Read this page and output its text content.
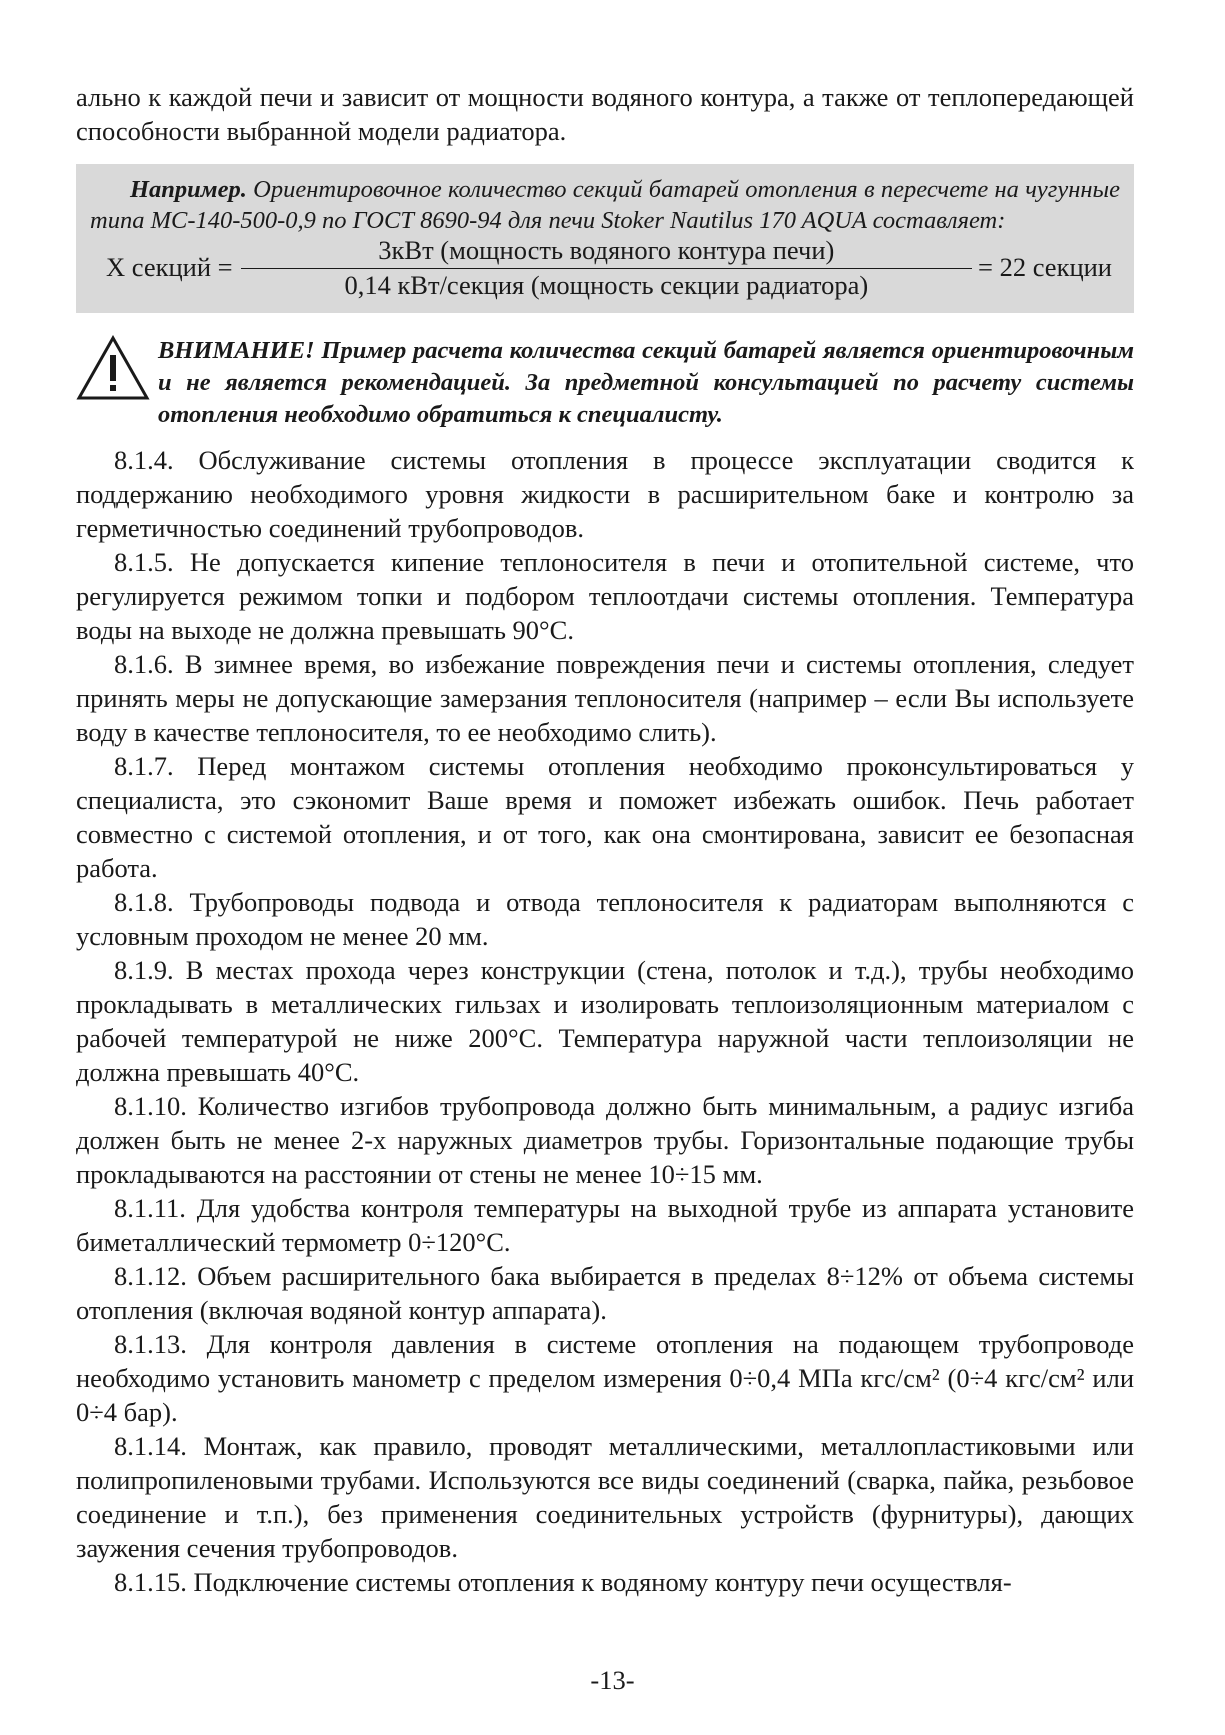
ально к каждой печи и зависит от мощности водяного контура, а также от теплопередающей способности выбранной модели радиатора.

Например. Ориентировочное количество секций батарей отопления в пересчете на чугунные типа МС-140-500-0,9 по ГОСТ 8690-94 для печи Stoker Nautilus 170 AQUA составляет:

Х секций = $\frac{\text{3кВт (мощность водяного контура печи)}}{\text{0,14 кВт/секция (мощность секции радиатора)}} = 22$ секции

ВНИМАНИЕ! Пример расчета количества секций батарей является ориентировочным и не является рекомендацией. За предметной консультацией по расчету системы отопления необходимо обратиться к специалисту.

8.1.4. Обслуживание системы отопления в процессе эксплуатации сводится к поддержанию необходимого уровня жидкости в расширительном баке и контролю за герметичностью соединений трубопроводов.

8.1.5. Не допускается кипение теплоносителя в печи и отопительной системе, что регулируется режимом топки и подбором теплоотдачи системы отопления. Температура воды на выходе не должна превышать 90°С.

8.1.6. В зимнее время, во избежание повреждения печи и системы отопления, следует принять меры не допускающие замерзания теплоносителя (например – если Вы используете воду в качестве теплоносителя, то ее необходимо слить).

8.1.7. Перед монтажом системы отопления необходимо проконсультироваться у специалиста, это сэкономит Ваше время и поможет избежать ошибок. Печь работает совместно с системой отопления, и от того, как она смонтирована, зависит ее безопасная работа.

8.1.8. Трубопроводы подвода и отвода теплоносителя к радиаторам выполняются с условным проходом не менее 20 мм.

8.1.9. В местах прохода через конструкции (стена, потолок и т.д.), трубы необходимо прокладывать в металлических гильзах и изолировать теплоизоляционным материалом с рабочей температурой не ниже 200°С. Температура наружной части теплоизоляции не должна превышать 40°С.

8.1.10. Количество изгибов трубопровода должно быть минимальным, а радиус изгиба должен быть не менее 2-х наружных диаметров трубы. Горизонтальные подающие трубы прокладываются на расстоянии от стены не менее 10÷15 мм.

8.1.11. Для удобства контроля температуры на выходной трубе из аппарата установите биметаллический термометр 0÷120°С.

8.1.12. Объем расширительного бака выбирается в пределах 8÷12% от объема системы отопления (включая водяной контур аппарата).

8.1.13. Для контроля давления в системе отопления на подающем трубопроводе необходимо установить манометр с пределом измерения 0÷0,4 МПа кгс/см² (0÷4 кгс/см² или 0÷4 бар).

8.1.14. Монтаж, как правило, проводят металлическими, металлопластиковыми или полипропиленовыми трубами. Используются все виды соединений (сварка, пайка, резьбовое соединение и т.п.), без применения соединительных устройств (фурнитуры), дающих заужения сечения трубопроводов.

8.1.15. Подключение системы отопления к водяному контуру печи осуществля-

-13-
